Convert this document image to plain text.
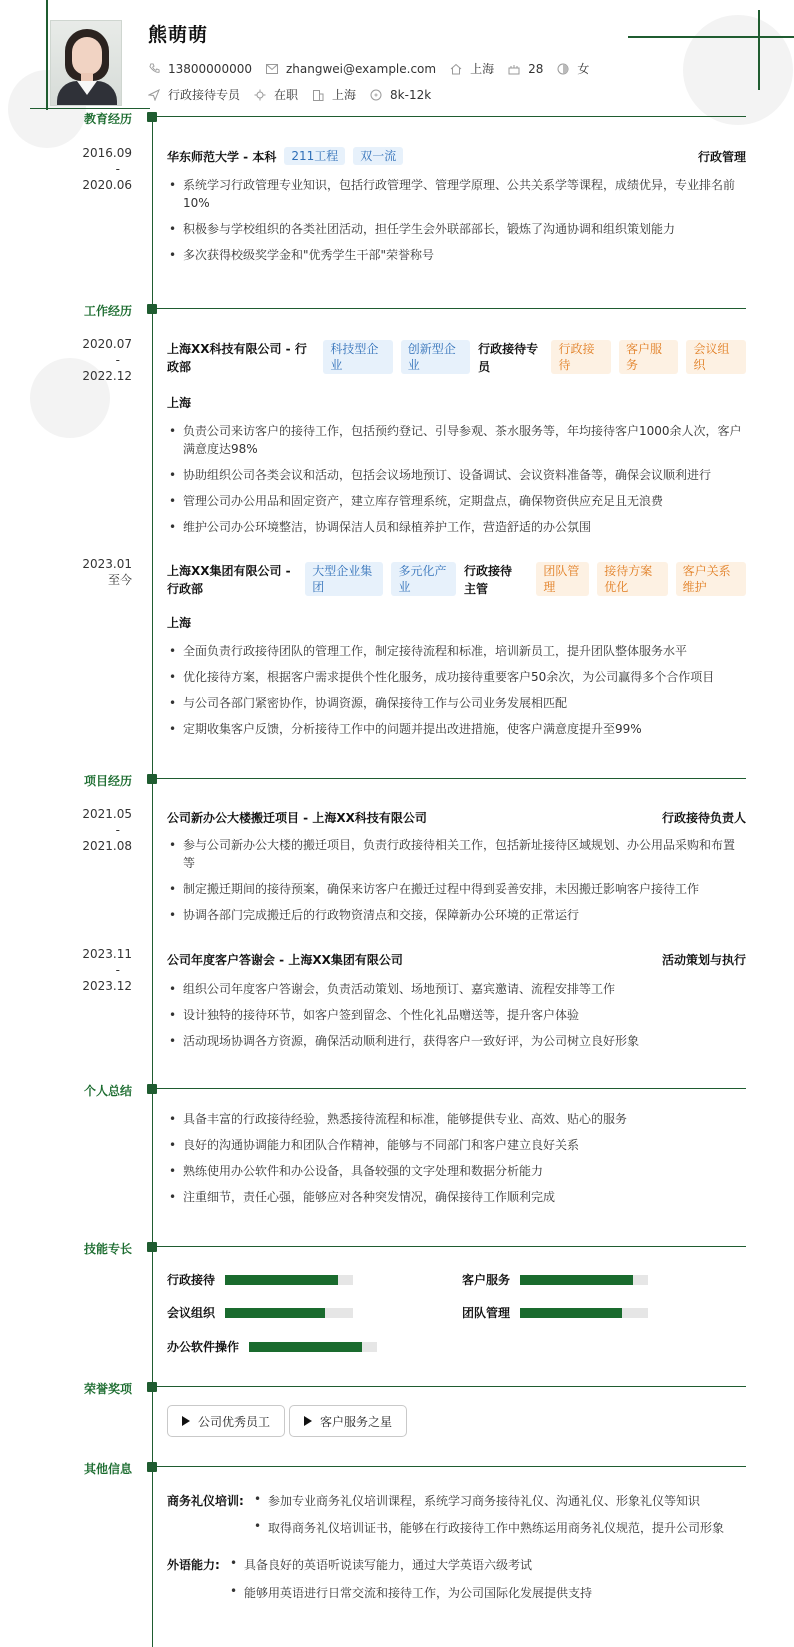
熊萌萌
13800000000	zhangwei@example.com	上海	28	女
行政接待专员	在职	上海	8k-12k
教育经历
2016.09
-
2020.06
华东师范大学 - 本科	211工程	双一流	行政管理
• 系统学习行政管理专业知识，包括行政管理学、管理学原理、公共关系学等课程，成绩优异，专业排名前10%
• 积极参与学校组织的各类社团活动，担任学生会外联部部长，锻炼了沟通协调和组织策划能力
• 多次获得校级奖学金和"优秀学生干部"荣誉称号
工作经历
2020.07
-
2022.12
上海XX科技有限公司 - 行政部
科技型企业
创新型企业
行政接待专员
行政接待
客户服务
会议组织
上海
• 负责公司来访客户的接待工作，包括预约登记、引导参观、茶水服务等，年均接待客户1000余人次，客户满意度达98%
• 协助组织公司各类会议和活动，包括会议场地预订、设备调试、会议资料准备等，确保会议顺利进行
• 管理公司办公用品和固定资产，建立库存管理系统，定期盘点，确保物资供应充足且无浪费
• 维护公司办公环境整洁，协调保洁人员和绿植养护工作，营造舒适的办公氛围
2023.01
至今
上海XX集团有限公司 - 行政部
大型企业集团
多元化产业
行政接待主管
团队管理
接待方案优化
客户关系维护
上海
• 全面负责行政接待团队的管理工作，制定接待流程和标准，培训新员工，提升团队整体服务水平
• 优化接待方案，根据客户需求提供个性化服务，成功接待重要客户50余次，为公司赢得多个合作项目
• 与公司各部门紧密协作，协调资源，确保接待工作与公司业务发展相匹配
• 定期收集客户反馈，分析接待工作中的问题并提出改进措施，使客户满意度提升至99%
项目经历
2021.05
-
2021.08
公司新办公大楼搬迁项目 - 上海XX科技有限公司	行政接待负责人
• 参与公司新办公大楼的搬迁项目，负责行政接待相关工作，包括新址接待区域规划、办公用品采购和布置等
• 制定搬迁期间的接待预案，确保来访客户在搬迁过程中得到妥善安排，未因搬迁影响客户接待工作
• 协调各部门完成搬迁后的行政物资清点和交接，保障新办公环境的正常运行
2023.11
-
2023.12
公司年度客户答谢会 - 上海XX集团有限公司	活动策划与执行
• 组织公司年度客户答谢会，负责活动策划、场地预订、嘉宾邀请、流程安排等工作
• 设计独特的接待环节，如客户签到留念、个性化礼品赠送等，提升客户体验
• 活动现场协调各方资源，确保活动顺利进行，获得客户一致好评，为公司树立良好形象
个人总结
• 具备丰富的行政接待经验，熟悉接待流程和标准，能够提供专业、高效、贴心的服务
• 良好的沟通协调能力和团队合作精神，能够与不同部门和客户建立良好关系
• 熟练使用办公软件和办公设备，具备较强的文字处理和数据分析能力
• 注重细节，责任心强，能够应对各种突发情况，确保接待工作顺利完成
技能专长
行政接待	客户服务
会议组织	团队管理
办公软件操作
荣誉奖项
公司优秀员工	客户服务之星
其他信息
商务礼仪培训: • 参加专业商务礼仪培训课程，系统学习商务接待礼仪、沟通礼仪、形象礼仪等知识
• 取得商务礼仪培训证书，能够在行政接待工作中熟练运用商务礼仪规范，提升公司形象
外语能力: • 具备良好的英语听说读写能力，通过大学英语六级考试
• 能够用英语进行日常交流和接待工作，为公司国际化发展提供支持
